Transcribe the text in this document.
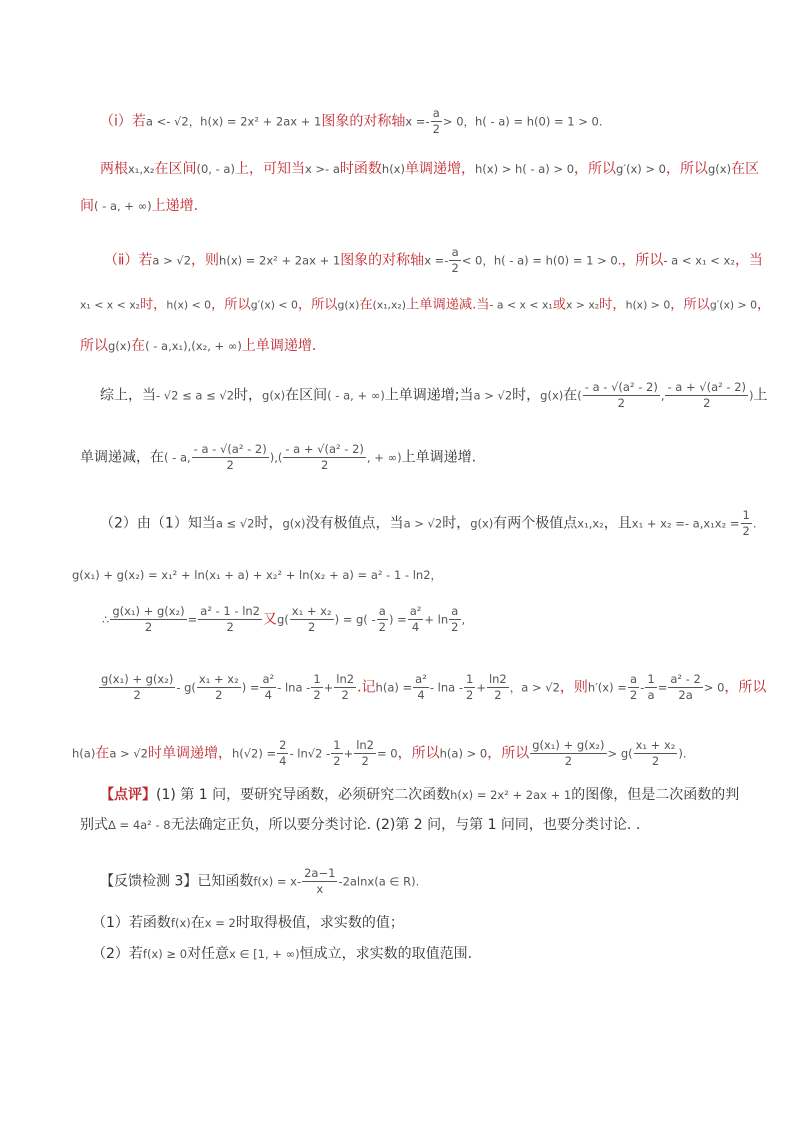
（ⅰ）若a <- √2，h(x) = 2x² + 2ax + 1图象的对称轴$x =- \frac{a}{2} > 0$，h( - a) = h(0) = 1 > 0.
两根x₁,x₂在区间(0, - a)上，可知当x >- a时函数h(x)单调递增，h(x) > h( - a) > 0，所以g′(x) > 0，所以g(x)在区
间( - a, + ∞)上递增.
（ⅱ）若a > √2，则h(x) = 2x² + 2ax + 1图象的对称轴$x =- \frac{a}{2} < 0$，h( - a) = h(0) = 1 > 0.，所以- a < x₁ < x₂，当
x₁ < x < x₂时，h(x) < 0，所以g′(x) < 0，所以g(x)在(x₁,x₂)上单调递减.当- a < x < x₁或x > x₂时，h(x) > 0，所以g′(x) > 0，
所以g(x)在( - a,x₁),(x₂, + ∞)上单调递增.
综上，当- √2 ≤ a ≤ √2时，g(x)在区间( - a, + ∞)上单调递增;当a > √2时，g(x)在( $\frac{\text{- a - √(a² - 2)}}{2}$ , $\frac{\text{- a + √(a² - 2)}}{2}$ )上
单调递减，在( - a, $\frac{\text{- a - √(a² - 2)}}{2}$ ),( $\frac{\text{- a + √(a² - 2)}}{2}$ , + ∞)上单调递增.
（2）由（1）知当a ≤ √2时，g(x)没有极值点，当a > √2时，g(x)有两个极值点x₁,x₂，且$x_1 + x_2 =- a,x_1x_2 = \frac{1}{2}$ .
g(x₁) + g(x₂) = x₁² + ln(x₁ + a) + x₂² + ln(x₂ + a) = a² - 1 - ln2，
∴ $\frac{\text{g(x₁) + g(x₂)}}{2} = \frac{\text{a² - 1 - ln2}}{2}$ 又$g( \frac{\text{x₁ + x₂}}{2}$ ) = $g( - \frac{a}{2}$ ) = $\frac{\text{a²}}{4} + \ln \frac{a}{2}$ ,
$\frac{\text{g(x₁) + g(x₂)}}{2} - g( \frac{\text{x₁ + x₂}}{2}$ ) = $\frac{\text{a²}}{4} - \ln a - \frac{1}{2} + \frac{\ln 2}{2}$ .记$h(a) = \frac{\text{a²}}{4} - \ln a - \frac{1}{2} + \frac{\ln 2}{2}$ ，a > √2，则$h'(x) = \frac{a}{2} - \frac{1}{a} = \frac{\text{a² - 2}}{2a} > 0$，所以
h(a)在a > √2时单调递增，$h(√2) = \frac{2}{4} - \ln√2 - \frac{1}{2} + \frac{\ln 2}{2} = 0$，所以h(a) > 0，所以 $\frac{\text{g(x₁) + g(x₂)}}{2} > g( \frac{\text{x₁ + x₂}}{2}$ ).
【点评】(1) 第 1 问，要研究导函数，必须研究二次函数h(x) = 2x² + 2ax + 1的图像，但是二次函数的判
别式Δ = 4a² - 8无法确定正负，所以要分类讨论. (2)第 2 问，与第 1 问同，也要分类讨论. .
【反馈检测 3】已知函数$f(x) = x- \frac{2a-1}{x} -2alnx(a$ ∈ R).
（1）若函数f(x)在x = 2时取得极值，求实数的值；
（2）若f(x) ≥ 0对任意x ∈ [1, + ∞)恒成立，求实数的取值范围.
